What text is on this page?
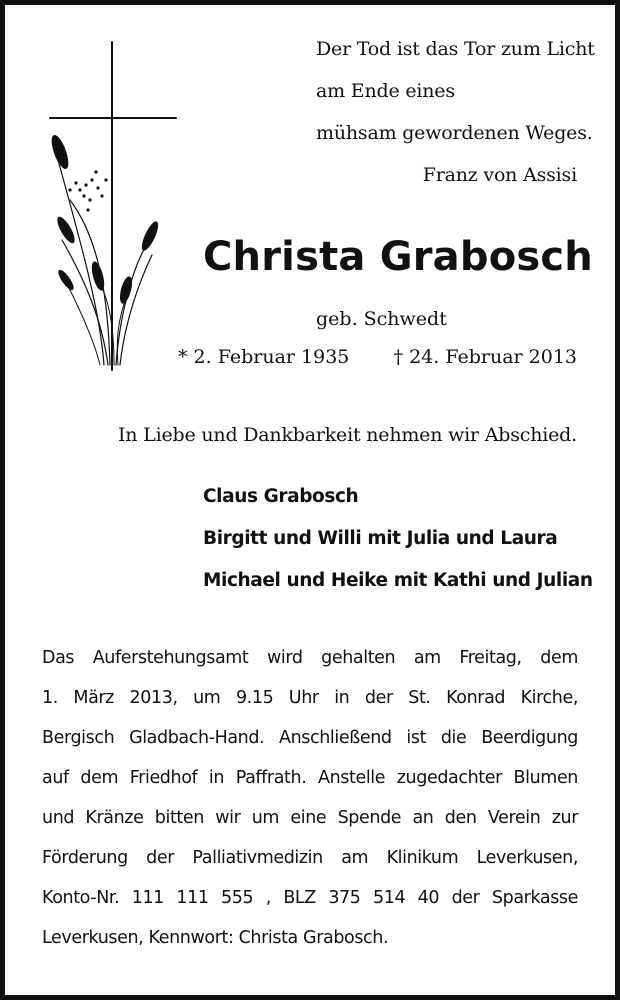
Der Tod ist das Tor zum Licht
am Ende eines
mühsam gewordenen Weges.
Franz von Assisi
Christa Grabosch
geb. Schwedt
* 2. Februar 1935 † 24. Februar 2013
In Liebe und Dankbarkeit nehmen wir Abschied.
Claus Grabosch
Birgitt und Willi mit Julia und Laura
Michael und Heike mit Kathi und Julian
Das Auferstehungsamt wird gehalten am Freitag, dem
1. März 2013, um 9.15 Uhr in der St. Konrad Kirche,
Bergisch Gladbach-Hand. Anschließend ist die Beerdigung
auf dem Friedhof in Paffrath. Anstelle zugedachter Blumen
und Kränze bitten wir um eine Spende an den Verein zur
Förderung der Palliativmedizin am Klinikum Leverkusen,
Konto-Nr. 111 111 555 , BLZ 375 514 40 der Sparkasse
Leverkusen, Kennwort: Christa Grabosch.
